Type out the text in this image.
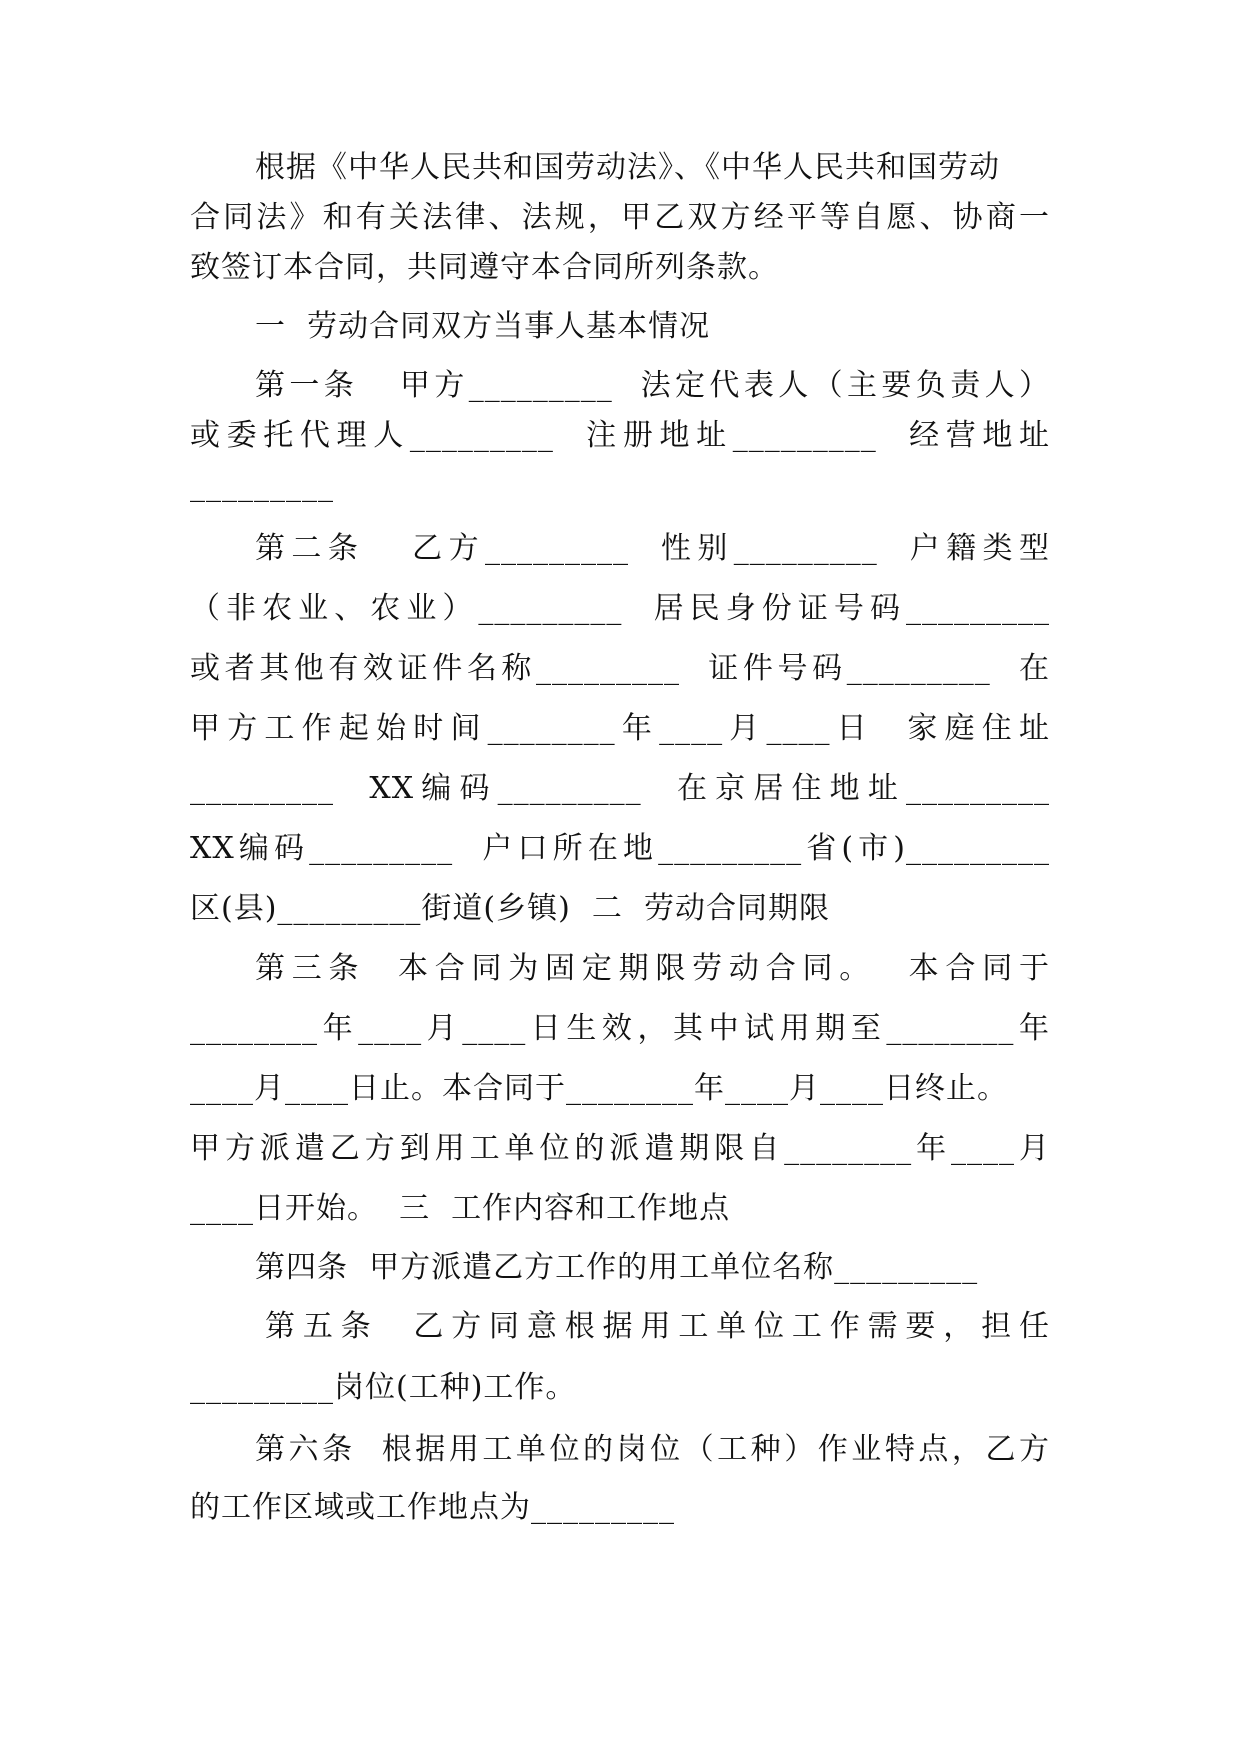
根据《中华人民共和国劳动法》、《中华人民共和国劳动
合同法》和有关法律、法规，甲乙双方经平等自愿、协商一
致签订本合同，共同遵守本合同所列条款。
一  劳动合同双方当事人基本情况
第一条   甲方_________  法定代表人（主要负责人）
或委托代理人_________  注册地址_________  经营地址
_________
第二条   乙方_________  性别_________  户籍类型
（非农业、农业）_________  居民身份证号码_________
或者其他有效证件名称_________  证件号码_________  在
甲方工作起始时间________年____月____日  家庭住址
_________  XX编码_________  在京居住地址_________
XX编码_________  户口所在地_________省(市)_________
区(县)_________街道(乡镇)  二  劳动合同期限
第三条  本合同为固定期限劳动合同。  本合同于
________年____月____日生效，其中试用期至________年
____月____日止。本合同于________年____月____日终止。
甲方派遣乙方到用工单位的派遣期限自________年____月
____日开始。  三  工作内容和工作地点
第四条  甲方派遣乙方工作的用工单位名称_________
第五条  乙方同意根据用工单位工作需要，担任
_________岗位(工种)工作。
第六条  根据用工单位的岗位（工种）作业特点，乙方
的工作区域或工作地点为_________
